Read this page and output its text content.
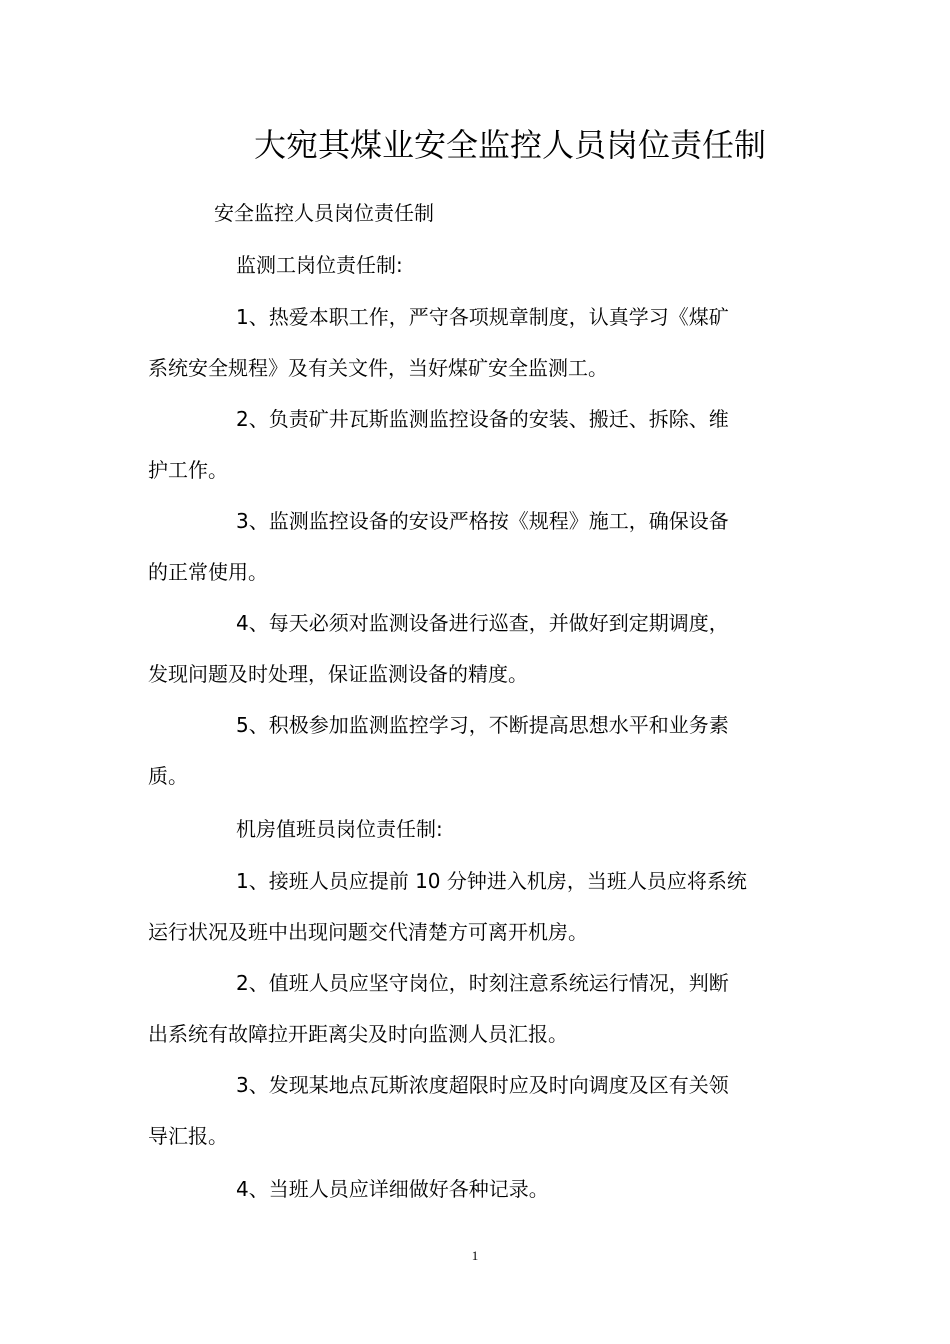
大宛其煤业安全监控人员岗位责任制
安全监控人员岗位责任制
监测工岗位责任制:
1、热爱本职工作，严守各项规章制度，认真学习《煤矿
系统安全规程》及有关文件，当好煤矿安全监测工。
2、负责矿井瓦斯监测监控设备的安装、搬迁、拆除、维
护工作。
3、监测监控设备的安设严格按《规程》施工，确保设备
的正常使用。
4、每天必须对监测设备进行巡查，并做好到定期调度，
发现问题及时处理，保证监测设备的精度。
5、积极参加监测监控学习，不断提高思想水平和业务素
质。
机房值班员岗位责任制:
1、接班人员应提前 10 分钟进入机房，当班人员应将系统
运行状况及班中出现问题交代清楚方可离开机房。
2、值班人员应坚守岗位，时刻注意系统运行情况，判断
出系统有故障拉开距离尖及时向监测人员汇报。
3、发现某地点瓦斯浓度超限时应及时向调度及区有关领
导汇报。
4、当班人员应详细做好各种记录。
1
